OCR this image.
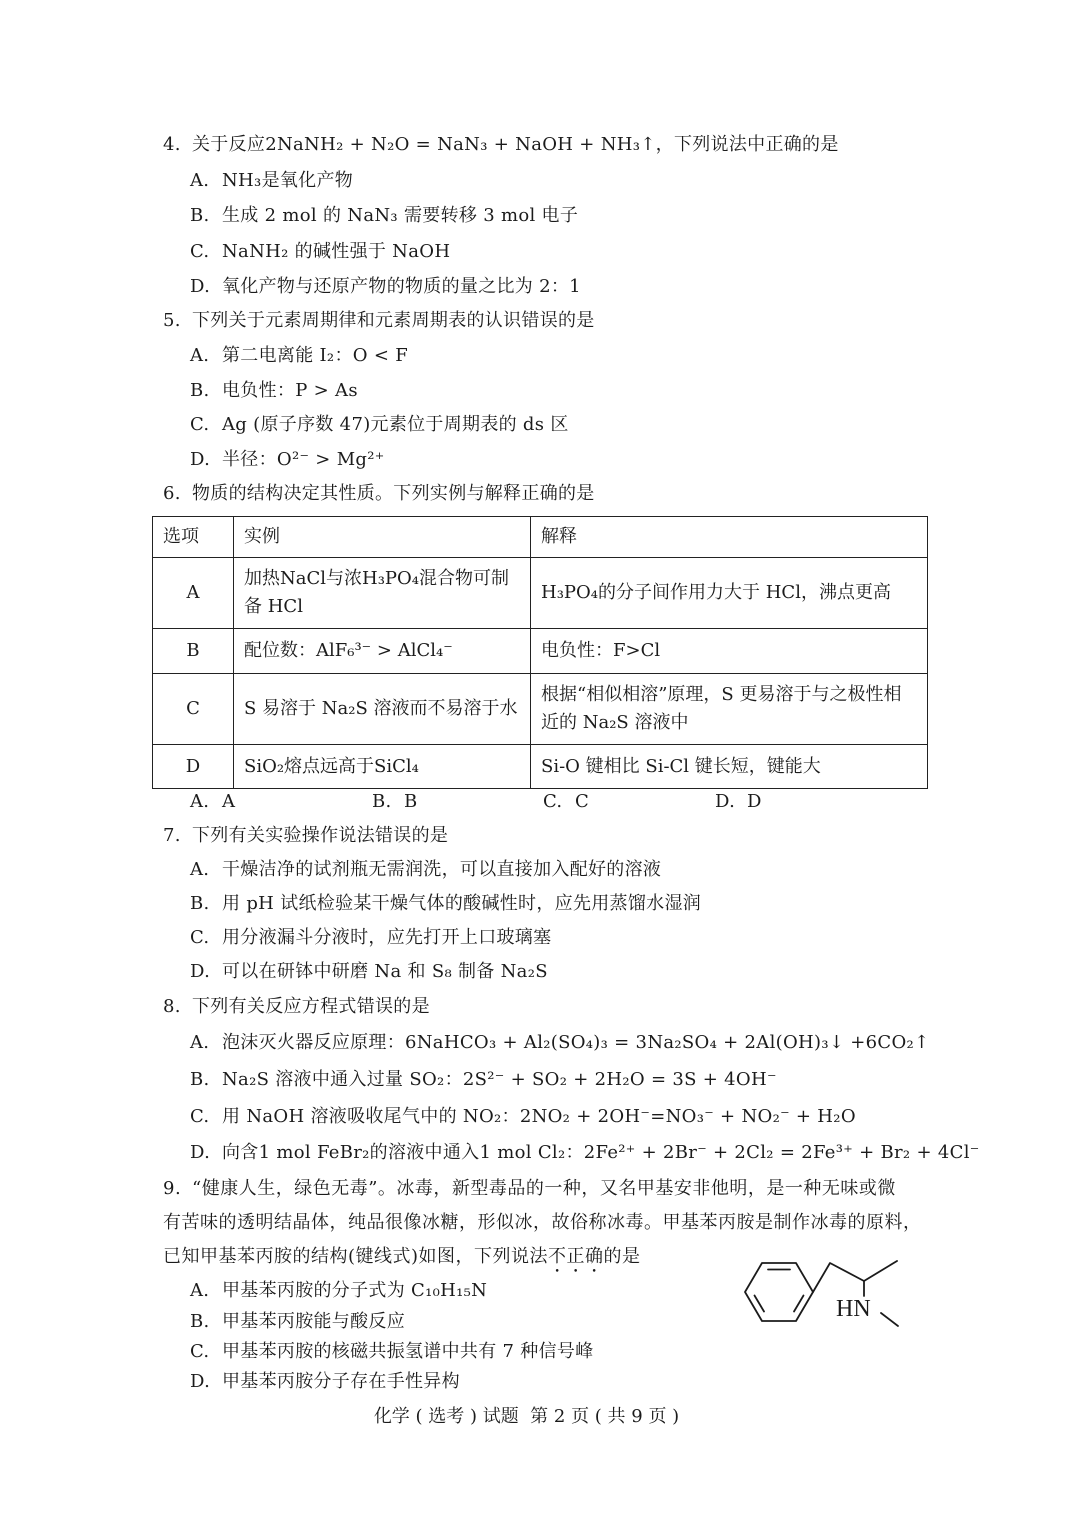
4. 关于反应2NaNH₂ + N₂O = NaN₃ + NaOH + NH₃↑，下列说法中正确的是
A. NH₃是氧化产物
B. 生成 2 mol 的 NaN₃ 需要转移 3 mol 电子
C. NaNH₂ 的碱性强于 NaOH
D. 氧化产物与还原产物的物质的量之比为 2：1
5. 下列关于元素周期律和元素周期表的认识错误的是
A. 第二电离能 I₂：O < F
B. 电负性：P > As
C. Ag (原子序数 47)元素位于周期表的 ds 区
D. 半径：O²⁻ > Mg²⁺
6. 物质的结构决定其性质。下列实例与解释正确的是
选项	实例	解释
A	加热NaCl与浓H₃PO₄混合物可制备 HCl	H₃PO₄的分子间作用力大于 HCl，沸点更高
B	配位数：AlF₆³⁻ > AlCl₄⁻	电负性：F>Cl
C	S 易溶于 Na₂S 溶液而不易溶于水	根据“相似相溶”原理，S 更易溶于与之极性相近的 Na₂S 溶液中
D	SiO₂熔点远高于SiCl₄	Si-O 键相比 Si-Cl 键长短，键能大
A. A	B. B	C. C	D. D
7. 下列有关实验操作说法错误的是
A. 干燥洁净的试剂瓶无需润洗，可以直接加入配好的溶液
B. 用 pH 试纸检验某干燥气体的酸碱性时，应先用蒸馏水湿润
C. 用分液漏斗分液时，应先打开上口玻璃塞
D. 可以在研钵中研磨 Na 和 S₈ 制备 Na₂S
8. 下列有关反应方程式错误的是
A. 泡沫灭火器反应原理：6NaHCO₃ + Al₂(SO₄)₃ = 3Na₂SO₄ + 2Al(OH)₃↓ +6CO₂↑
B. Na₂S 溶液中通入过量 SO₂：2S²⁻ + SO₂ + 2H₂O = 3S + 4OH⁻
C. 用 NaOH 溶液吸收尾气中的 NO₂：2NO₂ + 2OH⁻=NO₃⁻ + NO₂⁻ + H₂O
D. 向含1 mol FeBr₂的溶液中通入1 mol Cl₂：2Fe²⁺ + 2Br⁻ + 2Cl₂ = 2Fe³⁺ + Br₂ + 4Cl⁻
9. “健康人生，绿色无毒”。冰毒，新型毒品的一种，又名甲基安非他明，是一种无味或微
有苦味的透明结晶体，纯品很像冰糖，形似冰，故俗称冰毒。甲基苯丙胺是制作冰毒的原料，
已知甲基苯丙胺的结构(键线式)如图，下列说法不正确的是
HN
A. 甲基苯丙胺的分子式为 C₁₀H₁₅N
B. 甲基苯丙胺能与酸反应
C. 甲基苯丙胺的核磁共振氢谱中共有 7 种信号峰
D. 甲基苯丙胺分子存在手性异构
化学 ( 选考 ) 试题  第 2 页 ( 共 9 页 )
